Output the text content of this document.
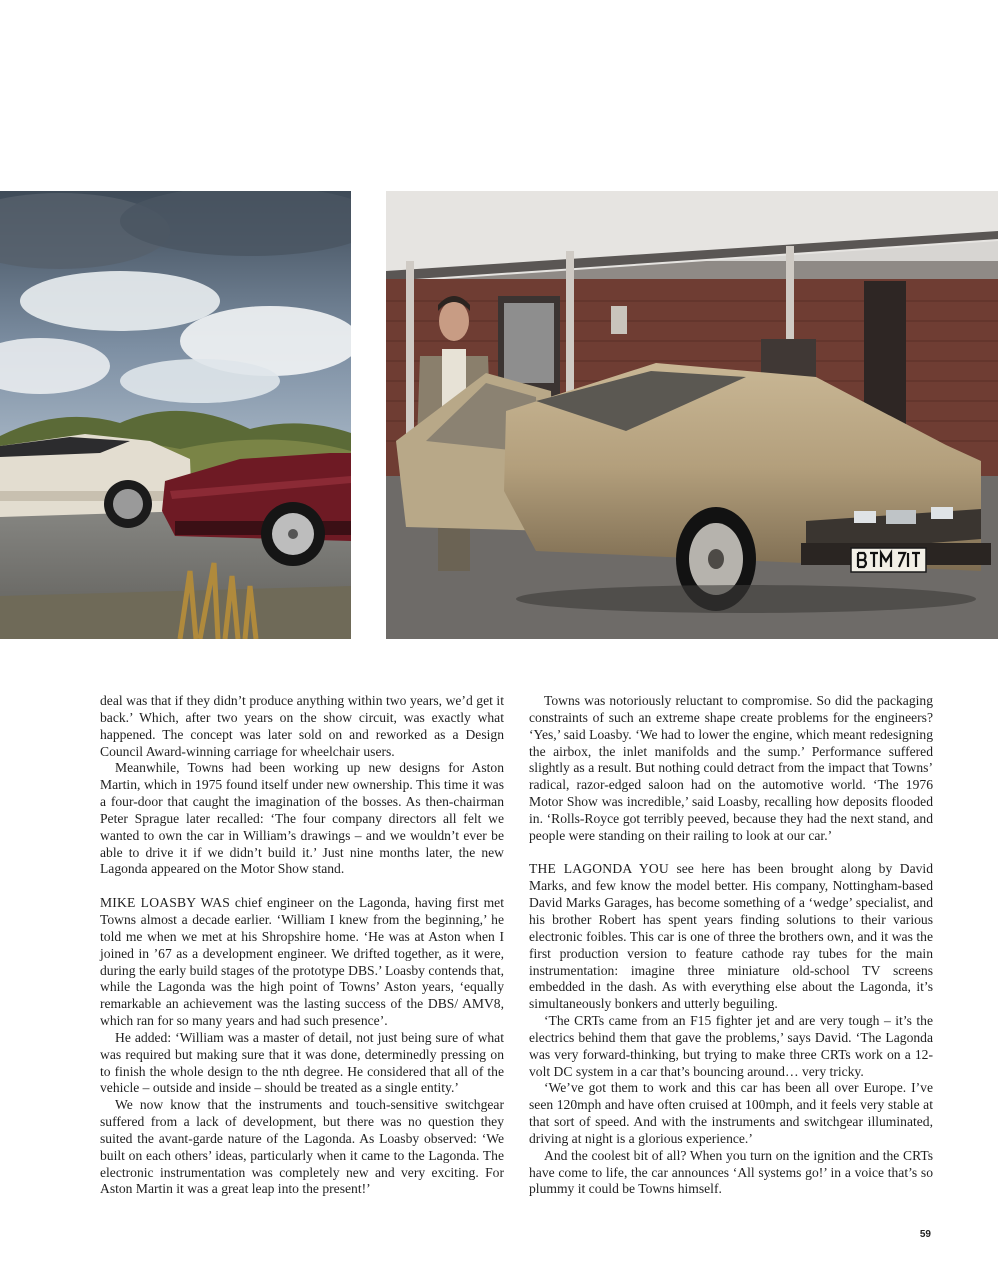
deal was that if they didn’t produce anything within two years, we’d get it back.’ Which, after two years on the show circuit, was exactly what happened. The concept was later sold on and reworked as a Design Council Award-winning carriage for wheelchair users.

Meanwhile, Towns had been working up new designs for Aston Martin, which in 1975 found itself under new ownership. This time it was a four-door that caught the imagination of the bosses. As then-chairman Peter Sprague later recalled: ‘The four company directors all felt we wanted to own the car in William’s drawings – and we wouldn’t ever be able to drive it if we didn’t build it.’ Just nine months later, the new Lagonda appeared on the Motor Show stand.

MIKE LOASBY WAS chief engineer on the Lagonda, having first met Towns almost a decade earlier. ‘William I knew from the beginning,’ he told me when we met at his Shropshire home. ‘He was at Aston when I joined in ’67 as a development engineer. We drifted together, as it were, during the early build stages of the prototype DBS.’ Loasby contends that, while the Lagonda was the high point of Towns’ Aston years, ‘equally remarkable an achievement was the lasting success of the DBS/ AMV8, which ran for so many years and had such presence’.

He added: ‘William was a master of detail, not just being sure of what was required but making sure that it was done, determinedly pressing on to finish the whole design to the nth degree. He considered that all of the vehicle – outside and inside – should be treated as a single entity.’

We now know that the instruments and touch-sensitive switchgear suffered from a lack of development, but there was no question they suited the avant-garde nature of the Lagonda. As Loasby observed: ‘We built on each others’ ideas, particularly when it came to the Lagonda. The electronic instrumentation was completely new and very exciting. For Aston Martin it was a great leap into the present!’

Towns was notoriously reluctant to compromise. So did the packaging constraints of such an extreme shape create problems for the engineers? ‘Yes,’ said Loasby. ‘We had to lower the engine, which meant redesigning the airbox, the inlet manifolds and the sump.’ Performance suffered slightly as a result. But nothing could detract from the impact that Towns’ radical, razor-edged saloon had on the automotive world. ‘The 1976 Motor Show was incredible,’ said Loasby, recalling how deposits flooded in. ‘Rolls-Royce got terribly peeved, because they had the next stand, and people were standing on their railing to look at our car.’

THE LAGONDA YOU see here has been brought along by David Marks, and few know the model better. His company, Nottingham-based David Marks Garages, has become something of a ‘wedge’ specialist, and his brother Robert has spent years finding solutions to their various electronic foibles. This car is one of three the brothers own, and it was the first production version to feature cathode ray tubes for the main instrumentation: imagine three miniature old-school TV screens embedded in the dash. As with everything else about the Lagonda, it’s simultaneously bonkers and utterly beguiling.

‘The CRTs came from an F15 fighter jet and are very tough – it’s the electrics behind them that gave the problems,’ says David. ‘The Lagonda was very forward-thinking, but trying to make three CRTs work on a 12-volt DC system in a car that’s bouncing around… very tricky.

‘We’ve got them to work and this car has been all over Europe. I’ve seen 120mph and have often cruised at 100mph, and it feels very stable at that sort of speed. And with the instruments and switchgear illuminated, driving at night is a glorious experience.’

And the coolest bit of all? When you turn on the ignition and the CRTs have come to life, the car announces ‘All systems go!’ in a voice that’s so plummy it could be Towns himself.

59
